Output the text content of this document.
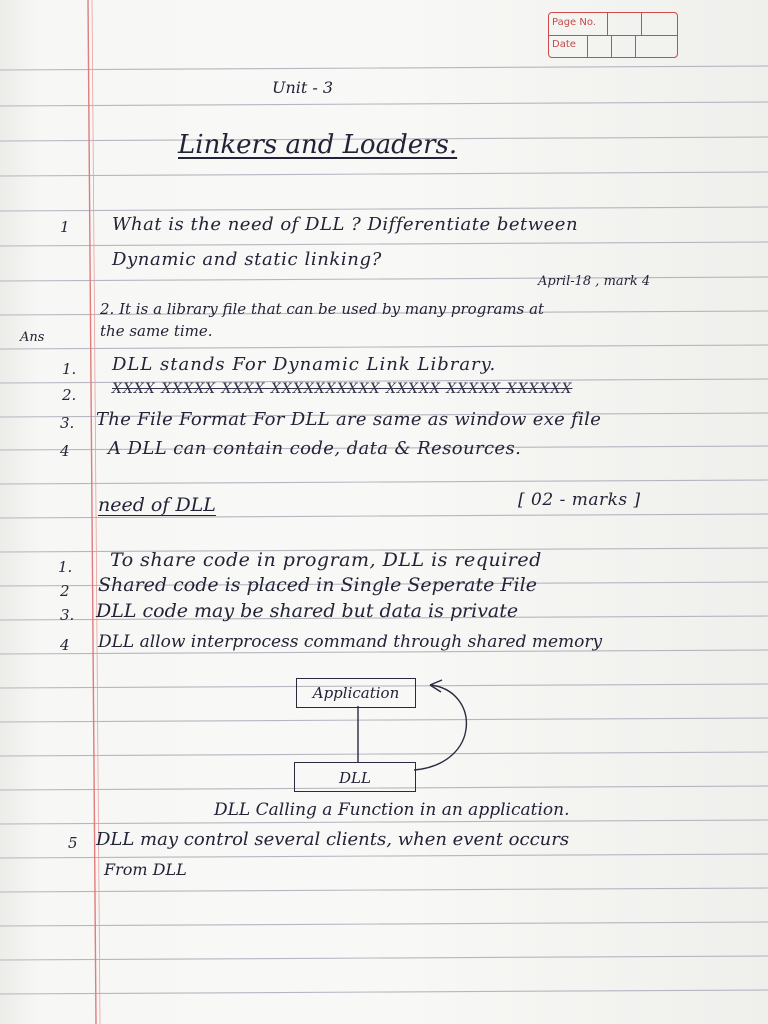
Page No.
Date
Unit - 3
Linkers and Loaders.
1 What is the need of DLL ? Differentiate between
Dynamic and static linking?
April-18 , mark 4
Ans
2. It is a library file that can be used by many programs at
the same time.
1. DLL stands For Dynamic Link Library.
2.	XXXX XXXXX XXXX XXXXXXXXXX XXXXX XXXXX XXXXXX
3. The File Format For DLL are same as window exe file
4 A DLL can contain code, data & Resources.
need of DLL	[ 02 - marks ]
1. To share code in program, DLL is required
2 Shared code is placed in Single Seperate File
3. DLL code may be shared but data is private
4 DLL allow interprocess command through shared memory
Application
DLL
DLL Calling a Function in an application.
5 DLL may control several clients, when event occurs
From DLL
